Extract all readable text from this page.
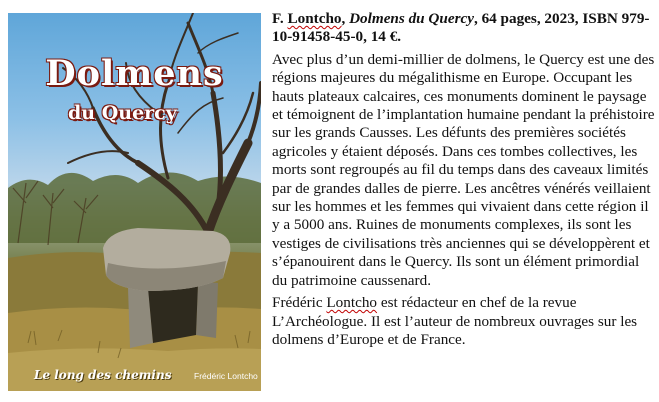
Dolmens
du Quercy
Le long des chemins	Frédéric Lontcho

F. Lontcho, Dolmens du Quercy, 64 pages, 2023, ISBN 979-10-91458-45-0, 14 €.

Avec plus d’un demi-millier de dolmens, le Quercy est une des régions majeures du mégalithisme en Europe. Occupant les hauts plateaux calcaires, ces monuments dominent le paysage et témoignent de l’implantation humaine pendant la préhistoire sur les grands Causses. Les défunts des premières sociétés agricoles y étaient déposés. Dans ces tombes collectives, les morts sont regroupés au fil du temps dans des caveaux limités par de grandes dalles de pierre. Les ancêtres vénérés veillaient sur les hommes et les femmes qui vivaient dans cette région il y a 5000 ans. Ruines de monuments complexes, ils sont les vestiges de civilisations très anciennes qui se développèrent et s’épanouirent dans le Quercy. Ils sont un élément primordial du patrimoine caussenard.

Frédéric Lontcho est rédacteur en chef de la revue L’Archéologue. Il est l’auteur de nombreux ouvrages sur les dolmens d’Europe et de France.
